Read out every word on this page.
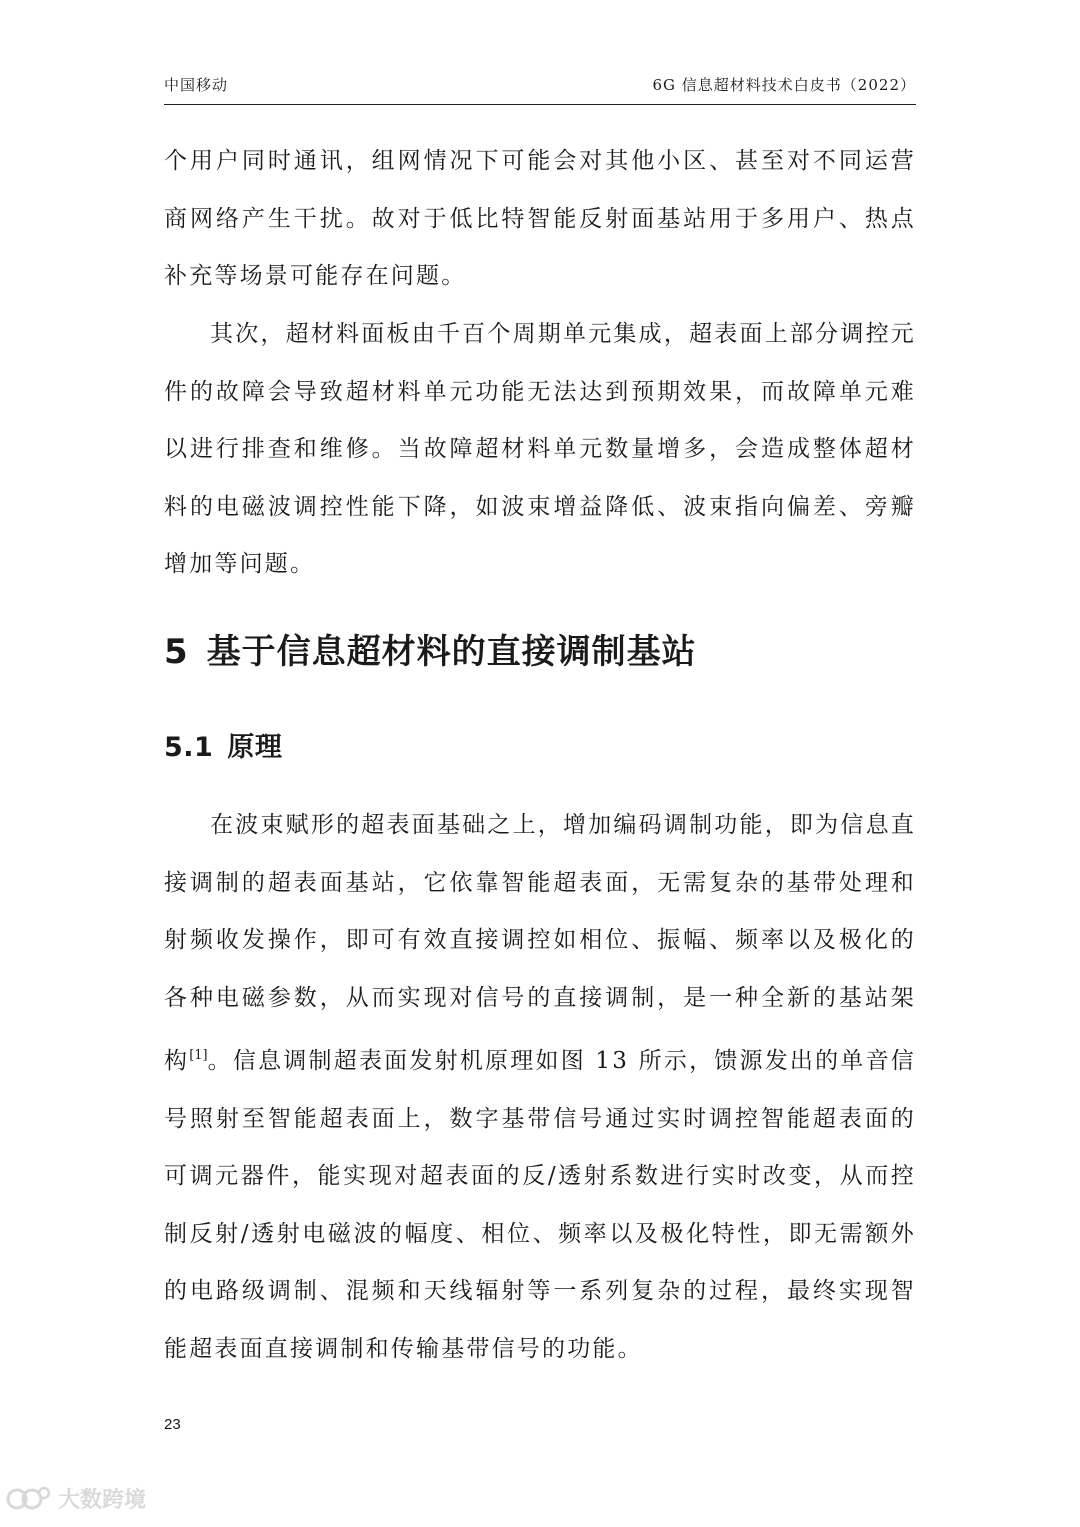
中国移动	6G 信息超材料技术白皮书（2022）

个用户同时通讯，组网情况下可能会对其他小区、甚至对不同运营商网络产生干扰。故对于低比特智能反射面基站用于多用户、热点补充等场景可能存在问题。

其次，超材料面板由千百个周期单元集成，超表面上部分调控元件的故障会导致超材料单元功能无法达到预期效果，而故障单元难以进行排查和维修。当故障超材料单元数量增多，会造成整体超材料的电磁波调控性能下降，如波束增益降低、波束指向偏差、旁瓣增加等问题。

5 基于信息超材料的直接调制基站
5.1 原理

在波束赋形的超表面基础之上，增加编码调制功能，即为信息直接调制的超表面基站，它依靠智能超表面，无需复杂的基带处理和射频收发操作，即可有效直接调控如相位、振幅、频率以及极化的各种电磁参数，从而实现对信号的直接调制，是一种全新的基站架构[1]。信息调制超表面发射机原理如图 13 所示，馈源发出的单音信号照射至智能超表面上，数字基带信号通过实时调控智能超表面的可调元器件，能实现对超表面的反/透射系数进行实时改变，从而控制反射/透射电磁波的幅度、相位、频率以及极化特性，即无需额外的电路级调制、混频和天线辐射等一系列复杂的过程，最终实现智能超表面直接调制和传输基带信号的功能。

23
大数跨境
